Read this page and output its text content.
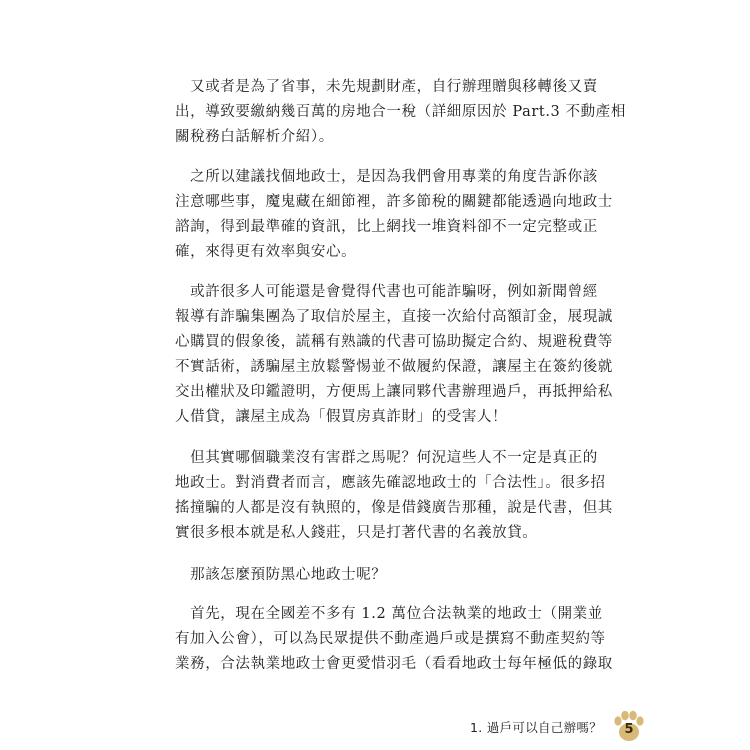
　又或者是為了省事，未先規劃財產，自行辦理贈與移轉後又賣
出，導致要繳納幾百萬的房地合一稅（詳細原因於 Part.3 不動產相
關稅務白話解析介紹）。
　之所以建議找個地政士，是因為我們會用專業的角度告訴你該
注意哪些事，魔鬼藏在細節裡，許多節稅的關鍵都能透過向地政士
諮詢，得到最準確的資訊，比上網找一堆資料卻不一定完整或正
確，來得更有效率與安心。
　或許很多人可能還是會覺得代書也可能詐騙呀，例如新聞曾經
報導有詐騙集團為了取信於屋主，直接一次給付高額訂金，展現誠
心購買的假象後，謊稱有熟識的代書可協助擬定合約、規避稅費等
不實話術，誘騙屋主放鬆警惕並不做履約保證，讓屋主在簽約後就
交出權狀及印鑑證明，方便馬上讓同夥代書辦理過戶，再抵押給私
人借貸，讓屋主成為「假買房真詐財」的受害人！
　但其實哪個職業沒有害群之馬呢？何況這些人不一定是真正的
地政士。對消費者而言，應該先確認地政士的「合法性」。很多招
搖撞騙的人都是沒有執照的，像是借錢廣告那種，說是代書，但其
實很多根本就是私人錢莊，只是打著代書的名義放貸。
　那該怎麼預防黑心地政士呢？
　首先，現在全國差不多有 1.2 萬位合法執業的地政士（開業並
有加入公會），可以為民眾提供不動產過戶或是撰寫不動產契約等
業務，合法執業地政士會更愛惜羽毛（看看地政士每年極低的錄取
1. 過戶可以自己辦嗎？	5
